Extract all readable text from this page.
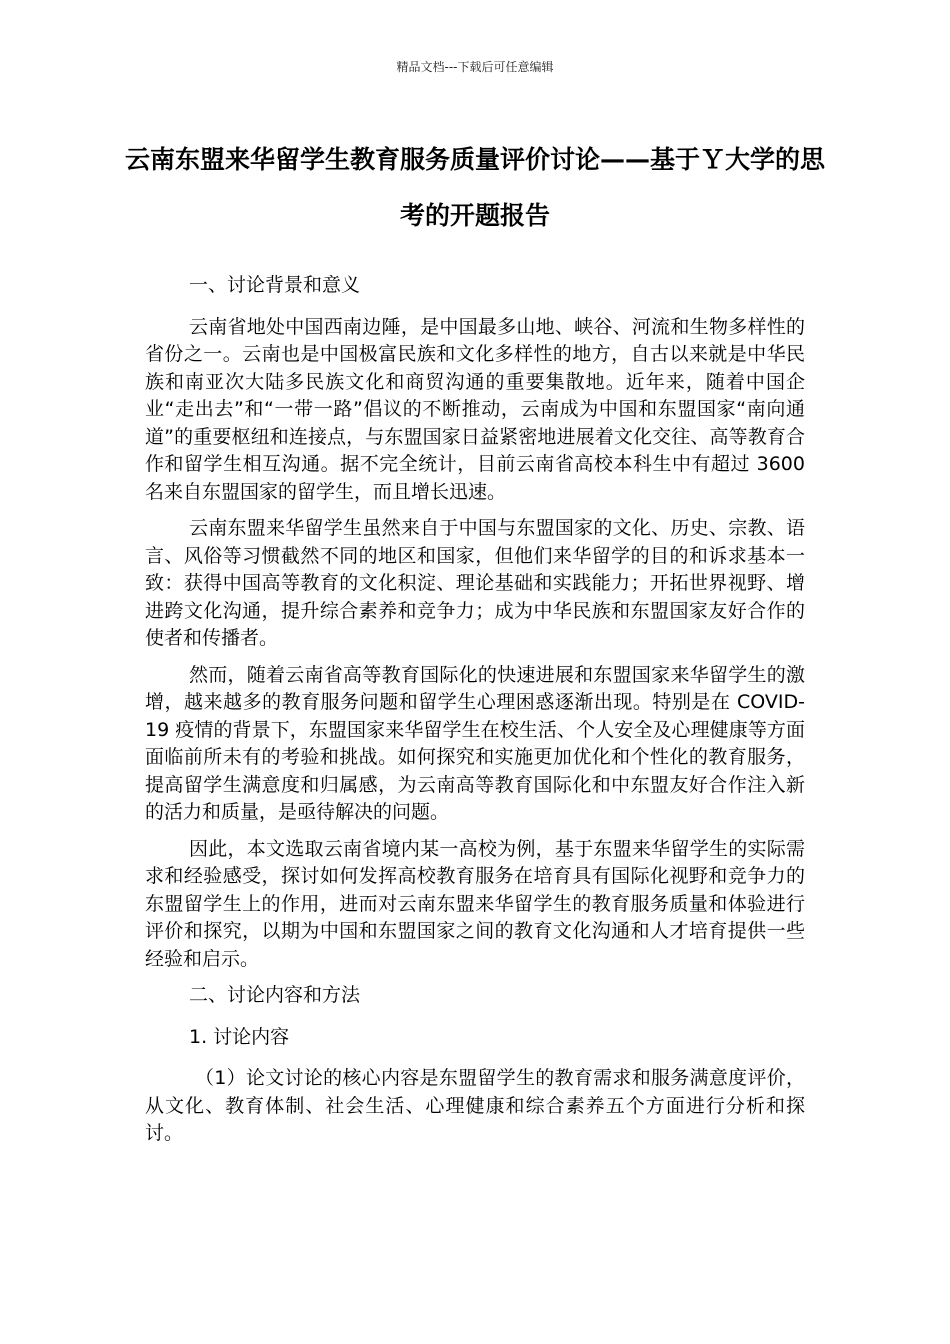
精品文档---下载后可任意编辑
云南东盟来华留学生教育服务质量评价讨论——基于Ｙ大学的思考的开题报告

一、讨论背景和意义

云南省地处中国西南边陲，是中国最多山地、峡谷、河流和生物多样性的省份之一。云南也是中国极富民族和文化多样性的地方，自古以来就是中华民族和南亚次大陆多民族文化和商贸沟通的重要集散地。近年来，随着中国企业“走出去”和“一带一路”倡议的不断推动，云南成为中国和东盟国家“南向通道”的重要枢纽和连接点，与东盟国家日益紧密地进展着文化交往、高等教育合作和留学生相互沟通。据不完全统计，目前云南省高校本科生中有超过 3600 名来自东盟国家的留学生，而且增长迅速。

云南东盟来华留学生虽然来自于中国与东盟国家的文化、历史、宗教、语言、风俗等习惯截然不同的地区和国家，但他们来华留学的目的和诉求基本一致：获得中国高等教育的文化积淀、理论基础和实践能力；开拓世界视野、增进跨文化沟通，提升综合素养和竞争力；成为中华民族和东盟国家友好合作的使者和传播者。

然而，随着云南省高等教育国际化的快速进展和东盟国家来华留学生的激增，越来越多的教育服务问题和留学生心理困惑逐渐出现。特别是在 COVID-19 疫情的背景下，东盟国家来华留学生在校生活、个人安全及心理健康等方面面临前所未有的考验和挑战。如何探究和实施更加优化和个性化的教育服务，提高留学生满意度和归属感，为云南高等教育国际化和中东盟友好合作注入新的活力和质量，是亟待解决的问题。

因此，本文选取云南省境内某一高校为例，基于东盟来华留学生的实际需求和经验感受，探讨如何发挥高校教育服务在培育具有国际化视野和竞争力的东盟留学生上的作用，进而对云南东盟来华留学生的教育服务质量和体验进行评价和探究，以期为中国和东盟国家之间的教育文化沟通和人才培育提供一些经验和启示。

二、讨论内容和方法

1. 讨论内容

（1）论文讨论的核心内容是东盟留学生的教育需求和服务满意度评价，从文化、教育体制、社会生活、心理健康和综合素养五个方面进行分析和探讨。
